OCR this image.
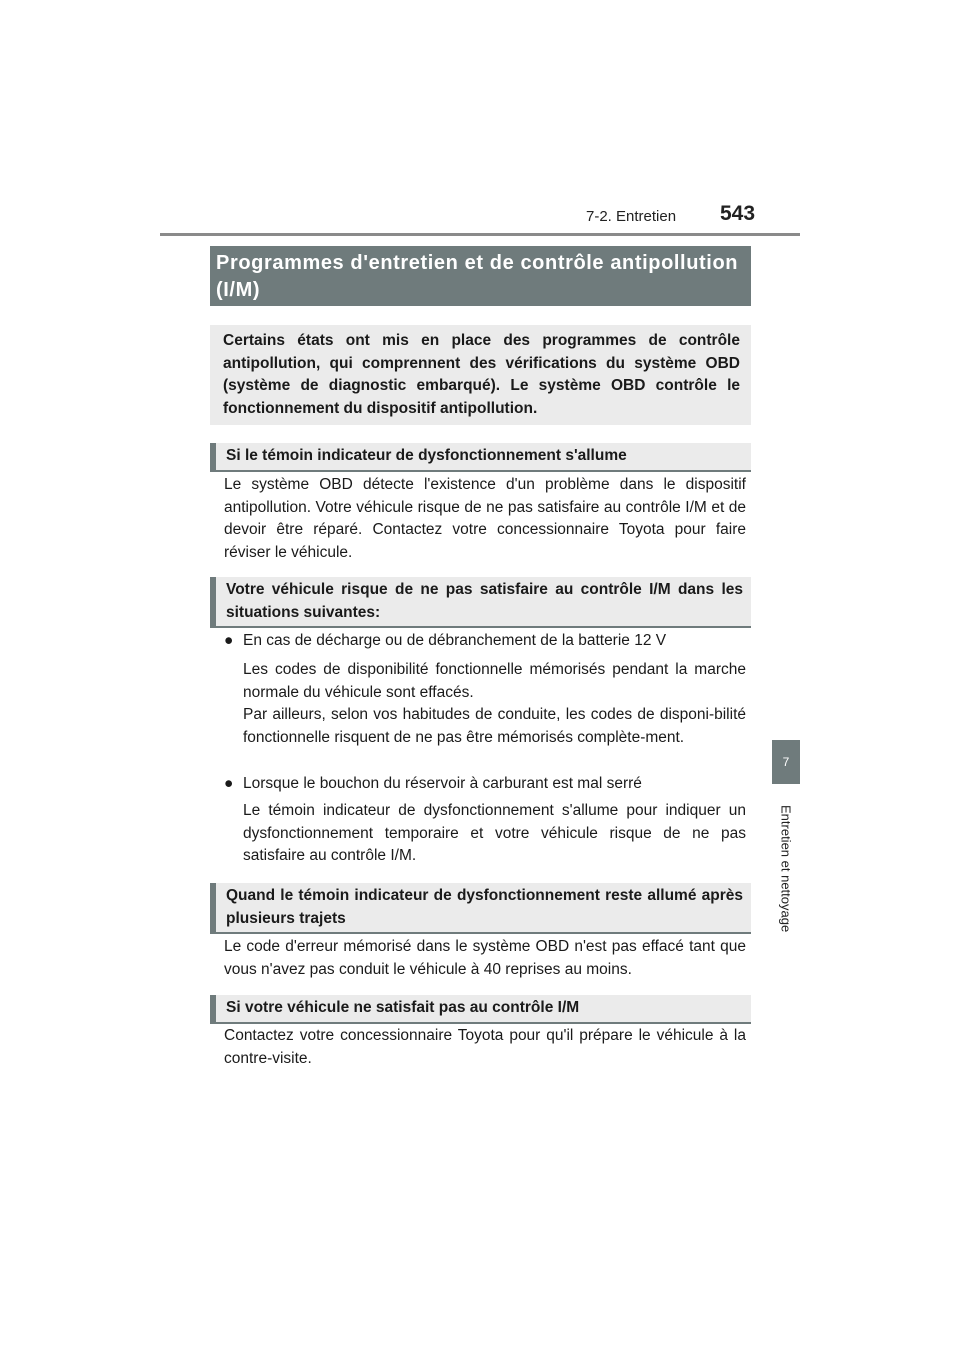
7-2. Entretien 543
7
Entretien et nettoyage
Programmes d'entretien et de contrôle antipollution (I/M)
Certains états ont mis en place des programmes de contrôle antipollution, qui comprennent des vérifications du système OBD (système de diagnostic embarqué). Le système OBD contrôle le fonctionnement du dispositif antipollution.
Si le témoin indicateur de dysfonctionnement s'allume
Le système OBD détecte l'existence d'un problème dans le dispositif antipollution. Votre véhicule risque de ne pas satisfaire au contrôle I/M et de devoir être réparé. Contactez votre concessionnaire Toyota pour faire réviser le véhicule.
Votre véhicule risque de ne pas satisfaire au contrôle I/M dans les situations suivantes:
● En cas de décharge ou de débranchement de la batterie 12 V
Les codes de disponibilité fonctionnelle mémorisés pendant la marche normale du véhicule sont effacés.
Par ailleurs, selon vos habitudes de conduite, les codes de disponi-bilité fonctionnelle risquent de ne pas être mémorisés complète-ment.
● Lorsque le bouchon du réservoir à carburant est mal serré
Le témoin indicateur de dysfonctionnement s'allume pour indiquer un dysfonctionnement temporaire et votre véhicule risque de ne pas satisfaire au contrôle I/M.
Quand le témoin indicateur de dysfonctionnement reste allumé après plusieurs trajets
Le code d'erreur mémorisé dans le système OBD n'est pas effacé tant que vous n'avez pas conduit le véhicule à 40 reprises au moins.
Si votre véhicule ne satisfait pas au contrôle I/M
Contactez votre concessionnaire Toyota pour qu'il prépare le véhicule à la contre-visite.
